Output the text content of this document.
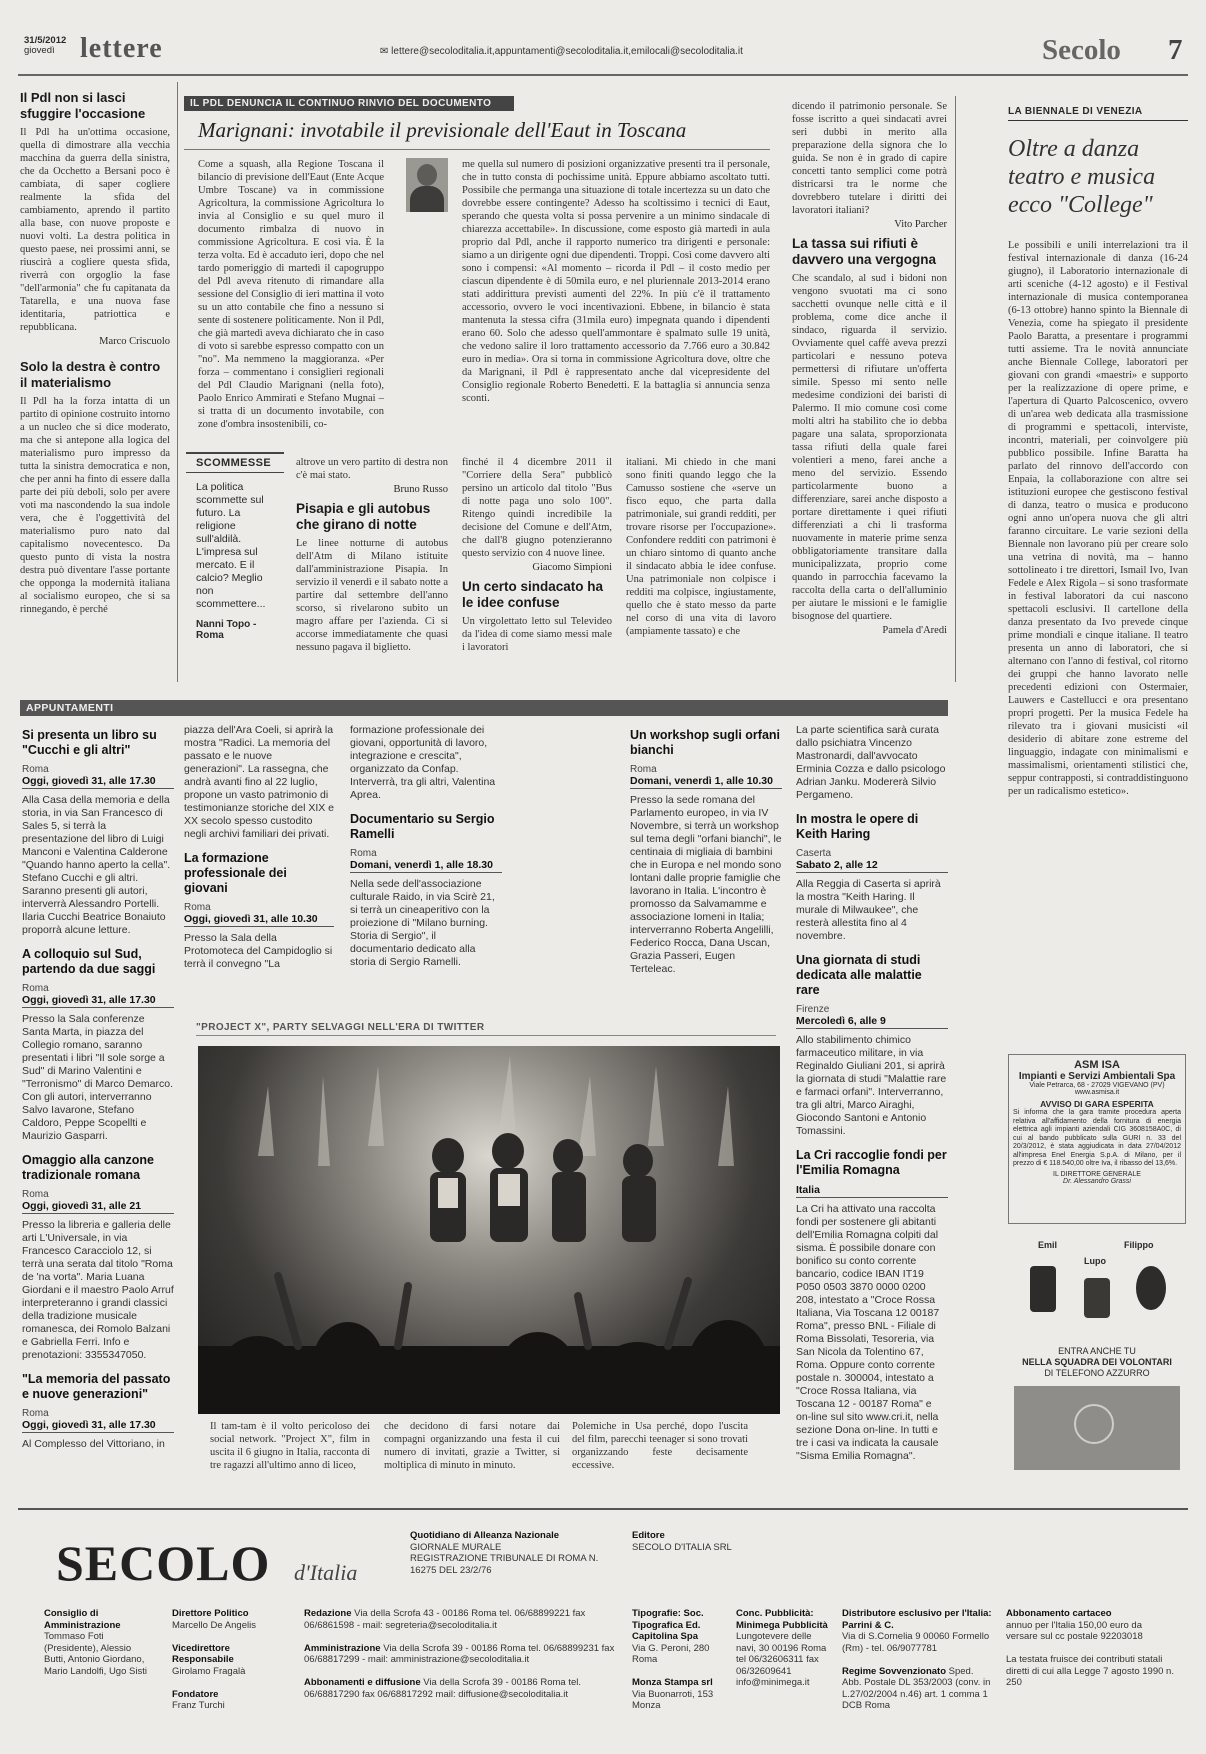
31/5/2012
giovedì lettere	✉ lettere@secoloditalia.it,appuntamenti@secoloditalia.it,emilocali@secoloditalia.it	Secolo 7
Il Pdl non si lasci sfuggire l'occasione
Il Pdl ha un'ottima occasione, quella di dimostrare alla vecchia macchina da guerra della sinistra, che da Occhetto a Bersani poco è cambiata, di saper cogliere realmente la sfida del cambiamento, aprendo il partito alla base, con nuove proposte e nuovi volti. La destra politica in questo paese, nei prossimi anni, se riuscirà a cogliere questa sfida, riverrà con orgoglio la fase "dell'armonia" che fu capitanata da Tatarella, e una nuova fase identitaria, patriottica e repubblicana.
Marco Criscuolo
Solo la destra è contro il materialismo
Il Pdl ha la forza intatta di un partito di opinione costruito intorno a un nucleo che si dice moderato, ma che si antepone alla logica del materialismo puro impresso da tutta la sinistra democratica e non, che per anni ha finto di essere dalla parte dei più deboli, solo per avere voti ma nascondendo la sua indole vera, che è l'oggettività del materialismo puro nato dal capitalismo novecentesco. Da questo punto di vista la nostra destra può diventare l'asse portante che opponga la modernità italiana al socialismo europeo, che si sa rinnegando, è perché
IL PDL DENUNCIA IL CONTINUO RINVIO DEL DOCUMENTO
Marignani: invotabile il previsionale dell'Eaut in Toscana
Come a squash, alla Regione Toscana il bilancio di previsione dell'Eaut (Ente Acque Umbre Toscane) va in commissione Agricoltura, la commissione Agricoltura lo invia al Consiglio e su quel muro il documento rimbalza di nuovo in commissione Agricoltura. E così via. È la terza volta. Ed è accaduto ieri, dopo che nel tardo pomeriggio di martedì il capogruppo del Pdl aveva ritenuto di rimandare alla sessione del Consiglio di ieri mattina il voto su un atto contabile che fino a nessuno si sente di sostenere politicamente. Non il Pdl, che già martedì aveva dichiarato che in caso di voto si sarebbe espresso compatto con un "no". Ma nemmeno la maggioranza. «Per forza – commentano i consiglieri regionali del Pdl Claudio Marignani (nella foto), Paolo Enrico Ammirati e Stefano Mugnai – si tratta di un documento invotabile, con zone d'ombra insostenibili, co-
me quella sul numero di posizioni organizzative presenti tra il personale, che in tutto consta di pochissime unità. Eppure abbiamo ascoltato tutti. Possibile che permanga una situazione di totale incertezza su un dato che dovrebbe essere contingente? Adesso ha scoltissimo i tecnici di Eaut, sperando che questa volta si possa pervenire a un minimo sindacale di chiarezza accettabile». In discussione, come esposto già martedì in aula proprio dal Pdl, anche il rapporto numerico tra dirigenti e personale: siamo a un dirigente ogni due dipendenti. Troppi. Così come davvero alti sono i compensi: «Al momento – ricorda il Pdl – il costo medio per ciascun dipendente è di 50mila euro, e nel pluriennale 2013-2014 erano stati addirittura previsti aumenti del 22%. In più c'è il trattamento accessorio, ovvero le voci incentivazioni. Ebbene, in bilancio è stata mantenuta la stessa cifra (31mila euro) impegnata quando i dipendenti erano 60. Solo che adesso quell'ammontare è spalmato sulle 19 unità, che vedono salire il loro trattamento accessorio da 7.766 euro a 30.842 euro in media». Ora si torna in commissione Agricoltura dove, oltre che da Marignani, il Pdl è rappresentato anche dal vicepresidente del Consiglio regionale Roberto Benedetti. E la battaglia si annuncia senza sconti.
dicendo il patrimonio personale. Se fosse iscritto a quei sindacati avrei seri dubbi in merito alla preparazione della signora che lo guida. Se non è in grado di capire concetti tanto semplici come potrà districarsi tra le norme che dovrebbero tutelare i diritti dei lavoratori italiani?
Vito Parcher
La tassa sui rifiuti è davvero una vergogna
Che scandalo, al sud i bidoni non vengono svuotati ma ci sono sacchetti ovunque nelle città e il problema, come dice anche il sindaco, riguarda il servizio. Ovviamente quel caffè aveva prezzi particolari e nessuno poteva permettersi di rifiutare un'offerta simile. Spesso mi sento nelle medesime condizioni dei baristi di Palermo. Il mio comune così come molti altri ha stabilito che io debba pagare una salata, sproporzionata tassa rifiuti della quale farei volentieri a meno, farei anche a meno del servizio. Essendo particolarmente buono a differenziare, sarei anche disposto a portare direttamente i quei rifiuti differenziati a chi li trasforma nuovamente in materie prime senza obbligatoriamente transitare dalla municipalizzata, proprio come quando in parrocchia facevamo la raccolta della carta o dell'alluminio per aiutare le missioni e le famiglie bisognose del quartiere.
Pamela d'Aredi
SCOMMESSE
La politica scommette sul futuro. La religione sull'aldilà. L'impresa sul mercato. E il calcio? Meglio non scommettere...
Nanni Topo - Roma
altrove un vero partito di destra non c'è mai stato.
Bruno Russo
Pisapia e gli autobus che girano di notte
Le linee notturne di autobus dell'Atm di Milano istituite dall'amministrazione Pisapia. In servizio il venerdì e il sabato notte a partire dal settembre dell'anno scorso, si rivelarono subito un magro affare per l'azienda. Ci si accorse immediatamente che quasi nessuno pagava il biglietto.
finché il 4 dicembre 2011 il "Corriere della Sera" pubblicò persino un articolo dal titolo "Bus di notte paga uno solo 100". Ritengo quindi incredibile la decisione del Comune e dell'Atm, che dall'8 giugno potenzieranno questo servizio con 4 nuove linee.
Giacomo Simpioni
Un certo sindacato ha le idee confuse
Un virgolettato letto sul Televideo da l'idea di come siamo messi male i lavoratori
italiani. Mi chiedo in che mani sono finiti quando leggo che la Camusso sostiene che «serve un fisco equo, che parta dalla patrimoniale, sui grandi redditi, per trovare risorse per l'occupazione». Confondere redditi con patrimoni è un chiaro sintomo di quanto anche il sindacato abbia le idee confuse. Una patrimoniale non colpisce i redditi ma colpisce, ingiustamente, quello che è stato messo da parte nel corso di una vita di lavoro (ampiamente tassato) e che
LA BIENNALE DI VENEZIA
Oltre a danza teatro e musica ecco "College"
Le possibili e unili interrelazioni tra il festival internazionale di danza (16-24 giugno), il Laboratorio internazionale di arti sceniche (4-12 agosto) e il Festival internazionale di musica contemporanea (6-13 ottobre) hanno spinto la Biennale di Venezia, come ha spiegato il presidente Paolo Baratta, a presentare i programmi tutti assieme. Tra le novità annunciate anche Biennale College, laboratori per giovani con grandi «maestri» e supporto per la realizzazione di opere prime, e l'apertura di Quarto Palcoscenico, ovvero di un'area web dedicata alla trasmissione di programmi e spettacoli, interviste, incontri, materiali, per coinvolgere più pubblico possibile. Infine Baratta ha parlato del rinnovo dell'accordo con Enpaia, la collaborazione con altre sei istituzioni europee che gestiscono festival di danza, teatro o musica e producono ogni anno un'opera nuova che gli altri faranno circuitare. Le varie sezioni della Biennale non lavorano più per creare solo una vetrina di novità, ma – hanno sottolineato i tre direttori, Ismail Ivo, Ivan Fedele e Alex Rigola – si sono trasformate in festival laboratori da cui nascono spettacoli esclusivi. Il cartellone della danza presentato da Ivo prevede cinque prime mondiali e cinque italiane. Il teatro presenta un anno di laboratori, che si alternano con l'anno di festival, col ritorno dei gruppi che hanno lavorato nelle precedenti edizioni con Ostermaier, Lauwers e Castellucci e ora presentano propri progetti. Per la musica Fedele ha rilevato tra i giovani musicisti «il desiderio di abitare zone estreme del linguaggio, indagate con minimalismi e massimalismi, orientamenti stilistici che, seppur contrapposti, si contraddistinguono per un radicalismo estetico».
APPUNTAMENTI
Si presenta un libro su "Cucchi e gli altri"
Roma
Oggi, giovedì 31, alle 17.30
Alla Casa della memoria e della storia, in via San Francesco di Sales 5, si terrà la presentazione del libro di Luigi Manconi e Valentina Calderone "Quando hanno aperto la cella". Stefano Cucchi e gli altri. Saranno presenti gli autori, interverrà Alessandro Portelli. Ilaria Cucchi Beatrice Bonaiuto proporrà alcune letture.
A colloquio sul Sud, partendo da due saggi
Roma
Oggi, giovedì 31, alle 17.30
Presso la Sala conferenze Santa Marta, in piazza del Collegio romano, saranno presentati i libri "Il sole sorge a Sud" di Marino Valentini e "Terronismo" di Marco Demarco. Con gli autori, interverranno Salvo Iavarone, Stefano Caldoro, Peppe Scopellti e Maurizio Gasparri.
Omaggio alla canzone tradizionale romana
Roma
Oggi, giovedì 31, alle 21
Presso la libreria e galleria delle arti L'Universale, in via Francesco Caracciolo 12, si terrà una serata dal titolo "Roma de 'na vorta". Maria Luana Giordani e il maestro Paolo Arruf interpreteranno i grandi classici della tradizione musicale romanesca, dei Romolo Balzani e Gabriella Ferri. Info e prenotazioni: 3355347050.
"La memoria del passato e nuove generazioni"
Roma
Oggi, giovedì 31, alle 17.30
Al Complesso del Vittoriano, in
piazza dell'Ara Coeli, si aprirà la mostra "Radici. La memoria del passato e le nuove generazioni". La rassegna, che andrà avanti fino al 22 luglio, propone un vasto patrimonio di testimonianze storiche del XIX e XX secolo spesso custodito negli archivi familiari dei privati.
La formazione professionale dei giovani
Roma
Oggi, giovedì 31, alle 10.30
Presso la Sala della Protomoteca del Campidoglio si terrà il convegno "La
formazione professionale dei giovani, opportunità di lavoro, integrazione e crescita", organizzato da Confap. Interverrà, tra gli altri, Valentina Aprea.
Documentario su Sergio Ramelli
Roma
Domani, venerdì 1, alle 18.30
Nella sede dell'associazione culturale Raido, in via Scirè 21, si terrà un cineaperitivo con la proiezione di "Milano burning. Storia di Sergio", il documentario dedicato alla storia di Sergio Ramelli.
Un workshop sugli orfani bianchi
Roma
Domani, venerdì 1, alle 10.30
Presso la sede romana del Parlamento europeo, in via IV Novembre, si terrà un workshop sul tema degli "orfani bianchi", le centinaia di migliaia di bambini che in Europa e nel mondo sono lontani dalle proprie famiglie che lavorano in Italia. L'incontro è promosso da Salvamamme e associazione Iomeni in Italia; interverranno Roberta Angelilli, Federico Rocca, Dana Uscan, Grazia Passeri, Eugen Terteleac.
La parte scientifica sarà curata dallo psichiatra Vincenzo Mastronardi, dall'avvocato Erminia Cozza e dallo psicologo Adrian Janku. Modererà Silvio Pergameno.
In mostra le opere di Keith Haring
Caserta
Sabato 2, alle 12
Alla Reggia di Caserta si aprirà la mostra "Keith Haring. Il murale di Milwaukee", che resterà allestita fino al 4 novembre.
Una giornata di studi dedicata alle malattie rare
Firenze
Mercoledì 6, alle 9
Allo stabilimento chimico farmaceutico militare, in via Reginaldo Giuliani 201, si aprirà la giornata di studi "Malattie rare e farmaci orfani". Interverranno, tra gli altri, Marco Airaghi, Giocondo Santoni e Antonio Tomassini.
La Cri raccoglie fondi per l'Emilia Romagna
Italia
La Cri ha attivato una raccolta fondi per sostenere gli abitanti dell'Emilia Romagna colpiti dal sisma. È possibile donare con bonifico su conto corrente bancario, codice IBAN IT19 P050 0503 3870 0000 0200 208, intestato a "Croce Rossa Italiana, Via Toscana 12 00187 Roma", presso BNL - Filiale di Roma Bissolati, Tesoreria, via San Nicola da Tolentino 67, Roma. Oppure conto corrente postale n. 300004, intestato a "Croce Rossa Italiana, via Toscana 12 - 00187 Roma" e on-line sul sito www.cri.it, nella sezione Dona on-line. In tutti e tre i casi va indicata la causale "Sisma Emilia Romagna".
"PROJECT X", PARTY SELVAGGI NELL'ERA DI TWITTER
Il tam-tam è il volto pericoloso dei social network. "Project X", film in uscita il 6 giugno in Italia, racconta di tre ragazzi all'ultimo anno di liceo,
che decidono di farsi notare dai compagni organizzando una festa il cui numero di invitati, grazie a Twitter, si moltiplica di minuto in minuto.
Polemiche in Usa perché, dopo l'uscita del film, parecchi teenager si sono trovati organizzando feste decisamente eccessive.
ASM ISA
Impianti e Servizi Ambientali Spa
Viale Petrarca, 68 - 27029 VIGEVANO (PV)
www.asmisa.it
AVVISO DI GARA ESPERITA
Si informa che la gara tramite procedura aperta relativa all'affidamento della fornitura di energia elettrica agli impianti aziendali CIG 3608158A0C, di cui al bando pubblicato sulla GURI n. 33 del 20/3/2012, è stata aggiudicata in data 27/04/2012 all'impresa Enel Energia S.p.A. di Milano, per il prezzo di € 118.540,00 oltre Iva, il ribasso del 13,6%.
IL DIRETTORE GENERALE
Dr. Alessandro Grassi
Emil
Lupo
Filippo
ENTRA ANCHE TU
NELLA SQUADRA DEI VOLONTARI
DI TELEFONO AZZURRO
SECOLO d'Italia
Quotidiano di Alleanza Nazionale
GIORNALE MURALE
REGISTRAZIONE TRIBUNALE DI ROMA N. 16275 DEL 23/2/76
Editore
SECOLO D'ITALIA SRL
Consiglio di Amministrazione
Tommaso Foti (Presidente), Alessio Butti, Antonio Giordano, Mario Landolfi, Ugo Sisti
Direttore Politico
Marcello De Angelis

Vicedirettore Responsabile
Girolamo Fragalà

Fondatore
Franz Turchi
Redazione Via della Scrofa 43 - 00186 Roma tel. 06/68899221 fax 06/6861598 - mail: segreteria@secoloditalia.it

Amministrazione Via della Scrofa 39 - 00186 Roma tel. 06/68899231 fax 06/68817299 - mail: amministrazione@secoloditalia.it

Abbonamenti e diffusione Via della Scrofa 39 - 00186 Roma tel. 06/68817290 fax 06/68817292 mail: diffusione@secoloditalia.it
Tipografie: Soc. Tipografica Ed. Capitolina Spa
Via G. Peroni, 280 Roma

Monza Stampa srl
Via Buonarroti, 153 Monza
Conc. Pubblicità: Minimega Pubblicità
Lungotevere delle navi, 30 00196 Roma tel 06/32606311 fax 06/32609641 info@minimega.it
Distributore esclusivo per l'Italia: Parrini & C.
Via di S.Cornelia 9 00060 Formello (Rm) - tel. 06/9077781

Regime Sovvenzionato Sped. Abb. Postale DL 353/2003 (conv. in L.27/02/2004 n.46) art. 1 comma 1 DCB Roma
Abbonamento cartaceo
annuo per l'Italia 150,00 euro da versare sul cc postale 92203018

La testata fruisce dei contributi statali diretti di cui alla Legge 7 agosto 1990 n. 250
